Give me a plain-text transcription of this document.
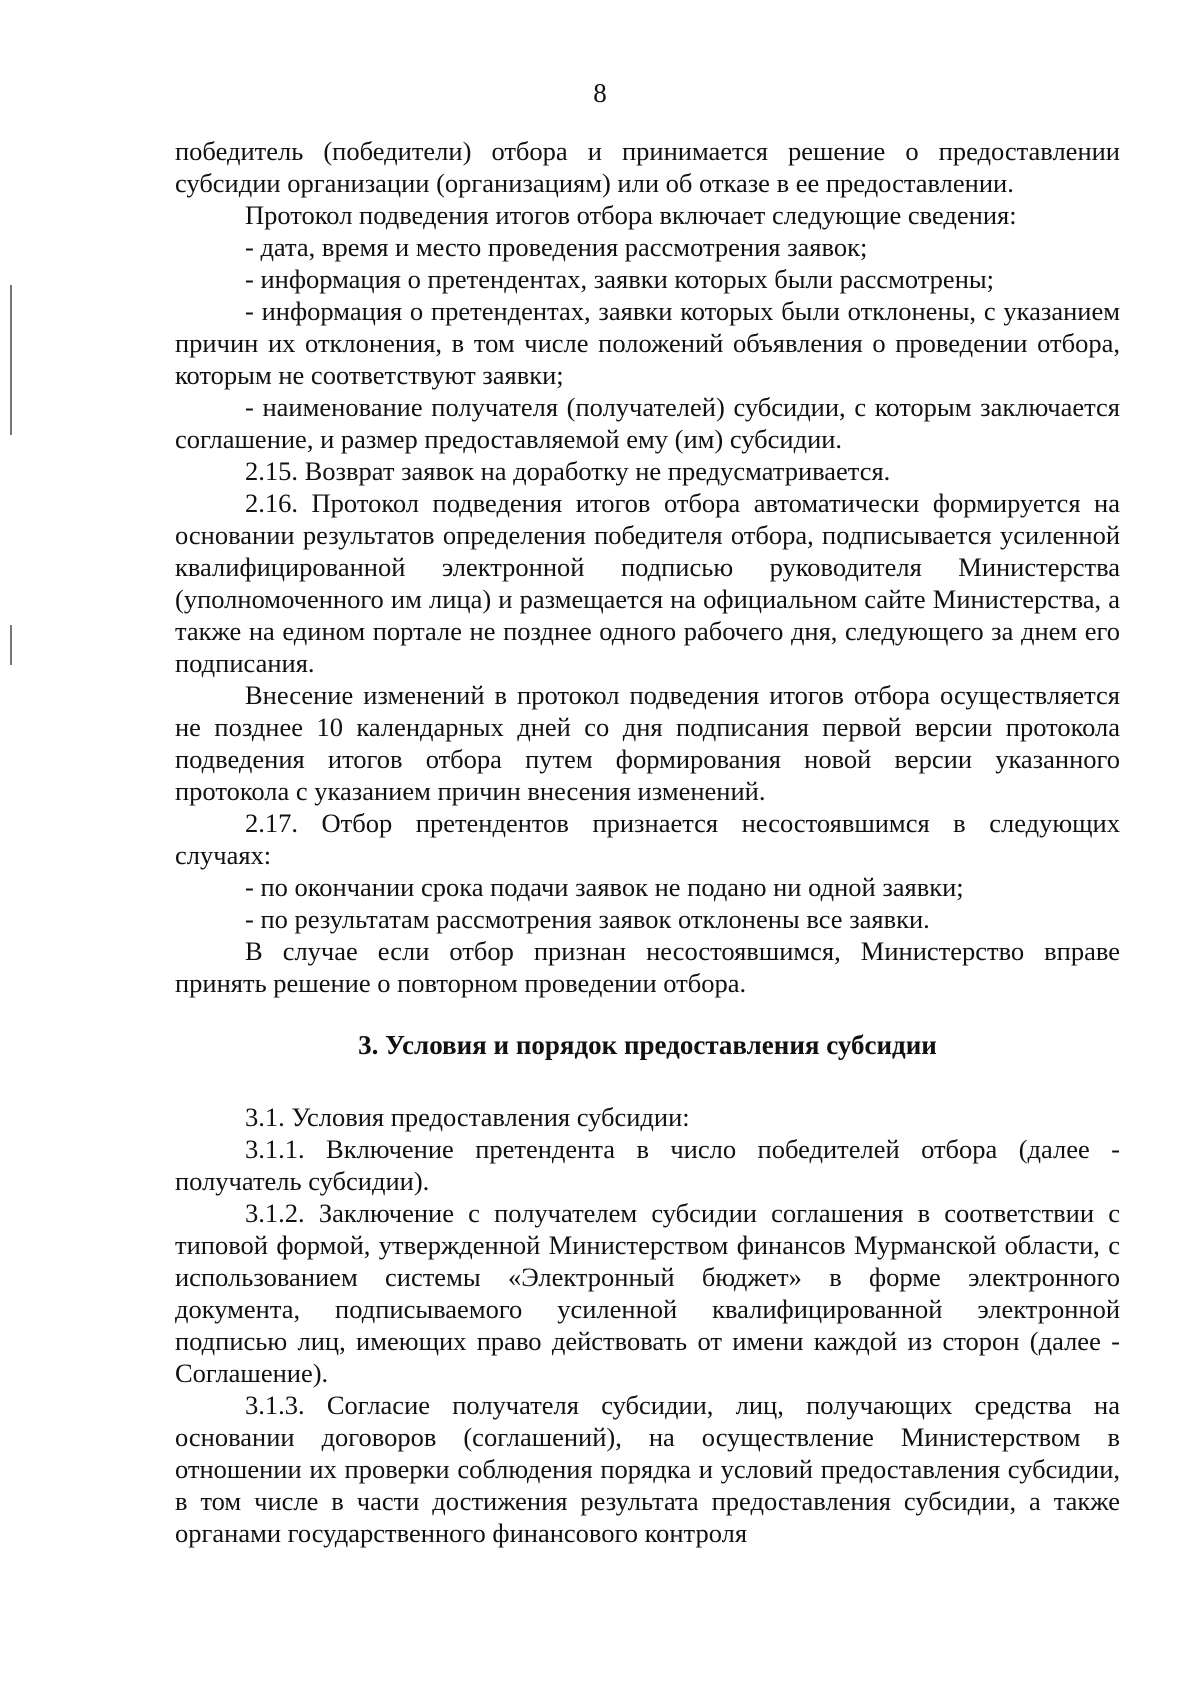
8

победитель (победители) отбора и принимается решение о предоставлении субсидии организации (организациям) или об отказе в ее предоставлении.

Протокол подведения итогов отбора включает следующие сведения:

- дата, время и место проведения рассмотрения заявок;

- информация о претендентах, заявки которых были рассмотрены;

- информация о претендентах, заявки которых были отклонены, с указанием причин их отклонения, в том числе положений объявления о проведении отбора, которым не соответствуют заявки;

- наименование получателя (получателей) субсидии, с которым заключается соглашение, и размер предоставляемой ему (им) субсидии.

2.15. Возврат заявок на доработку не предусматривается.

2.16. Протокол подведения итогов отбора автоматически формируется на основании результатов определения победителя отбора, подписывается усиленной квалифицированной электронной подписью руководителя Министерства (уполномоченного им лица) и размещается на официальном сайте Министерства, а также на едином портале не позднее одного рабочего дня, следующего за днем его подписания.

Внесение изменений в протокол подведения итогов отбора осуществляется не позднее 10 календарных дней со дня подписания первой версии протокола подведения итогов отбора путем формирования новой версии указанного протокола с указанием причин внесения изменений.

2.17. Отбор претендентов признается несостоявшимся в следующих случаях:

- по окончании срока подачи заявок не подано ни одной заявки;

- по результатам рассмотрения заявок отклонены все заявки.

В случае если отбор признан несостоявшимся, Министерство вправе принять решение о повторном проведении отбора.

3. Условия и порядок предоставления субсидии

3.1. Условия предоставления субсидии:

3.1.1. Включение претендента в число победителей отбора (далее - получатель субсидии).

3.1.2. Заключение с получателем субсидии соглашения в соответствии с типовой формой, утвержденной Министерством финансов Мурманской области, с использованием системы «Электронный бюджет» в форме электронного документа, подписываемого усиленной квалифицированной электронной подписью лиц, имеющих право действовать от имени каждой из сторон (далее - Соглашение).

3.1.3. Согласие получателя субсидии, лиц, получающих средства на основании договоров (соглашений), на осуществление Министерством в отношении их проверки соблюдения порядка и условий предоставления субсидии, в том числе в части достижения результата предоставления субсидии, а также органами государственного финансового контроля
